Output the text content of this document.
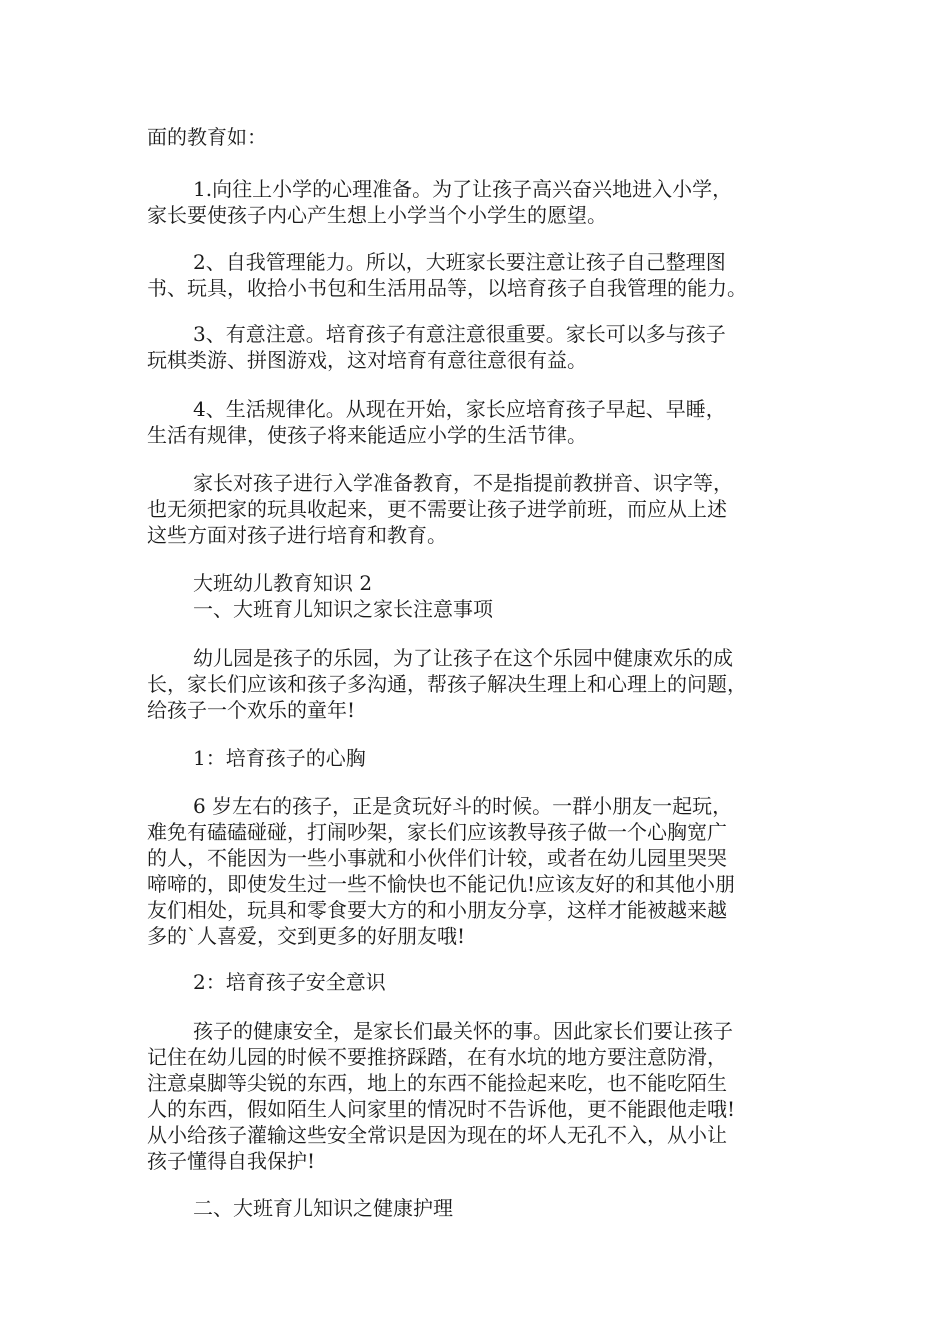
面的教育如：
1.向往上小学的心理准备。为了让孩子高兴奋兴地进入小学，
家长要使孩子内心产生想上小学当个小学生的愿望。
2、自我管理能力。所以，大班家长要注意让孩子自己整理图
书、玩具，收拾小书包和生活用品等，以培育孩子自我管理的能力。
3、有意注意。培育孩子有意注意很重要。家长可以多与孩子
玩棋类游、拼图游戏，这对培育有意往意很有益。
4、生活规律化。从现在开始，家长应培育孩子早起、早睡，
生活有规律，使孩子将来能适应小学的生活节律。
家长对孩子进行入学准备教育，不是指提前教拼音、识字等，
也无须把家的玩具收起来，更不需要让孩子进学前班，而应从上述
这些方面对孩子进行培育和教育。
大班幼儿教育知识 2
一、大班育儿知识之家长注意事项
幼儿园是孩子的乐园，为了让孩子在这个乐园中健康欢乐的成
长，家长们应该和孩子多沟通，帮孩子解决生理上和心理上的问题，
给孩子一个欢乐的童年!
1：培育孩子的心胸
6 岁左右的孩子，正是贪玩好斗的时候。一群小朋友一起玩，
难免有磕磕碰碰，打闹吵架，家长们应该教导孩子做一个心胸宽广
的人，不能因为一些小事就和小伙伴们计较，或者在幼儿园里哭哭
啼啼的，即使发生过一些不愉快也不能记仇!应该友好的和其他小朋
友们相处，玩具和零食要大方的和小朋友分享，这样才能被越来越
多的`人喜爱，交到更多的好朋友哦!
2：培育孩子安全意识
孩子的健康安全，是家长们最关怀的事。因此家长们要让孩子
记住在幼儿园的时候不要推挤踩踏，在有水坑的地方要注意防滑，
注意桌脚等尖锐的东西，地上的东西不能捡起来吃，也不能吃陌生
人的东西，假如陌生人问家里的情况时不告诉他，更不能跟他走哦!
从小给孩子灌输这些安全常识是因为现在的坏人无孔不入，从小让
孩子懂得自我保护!
二、大班育儿知识之健康护理
